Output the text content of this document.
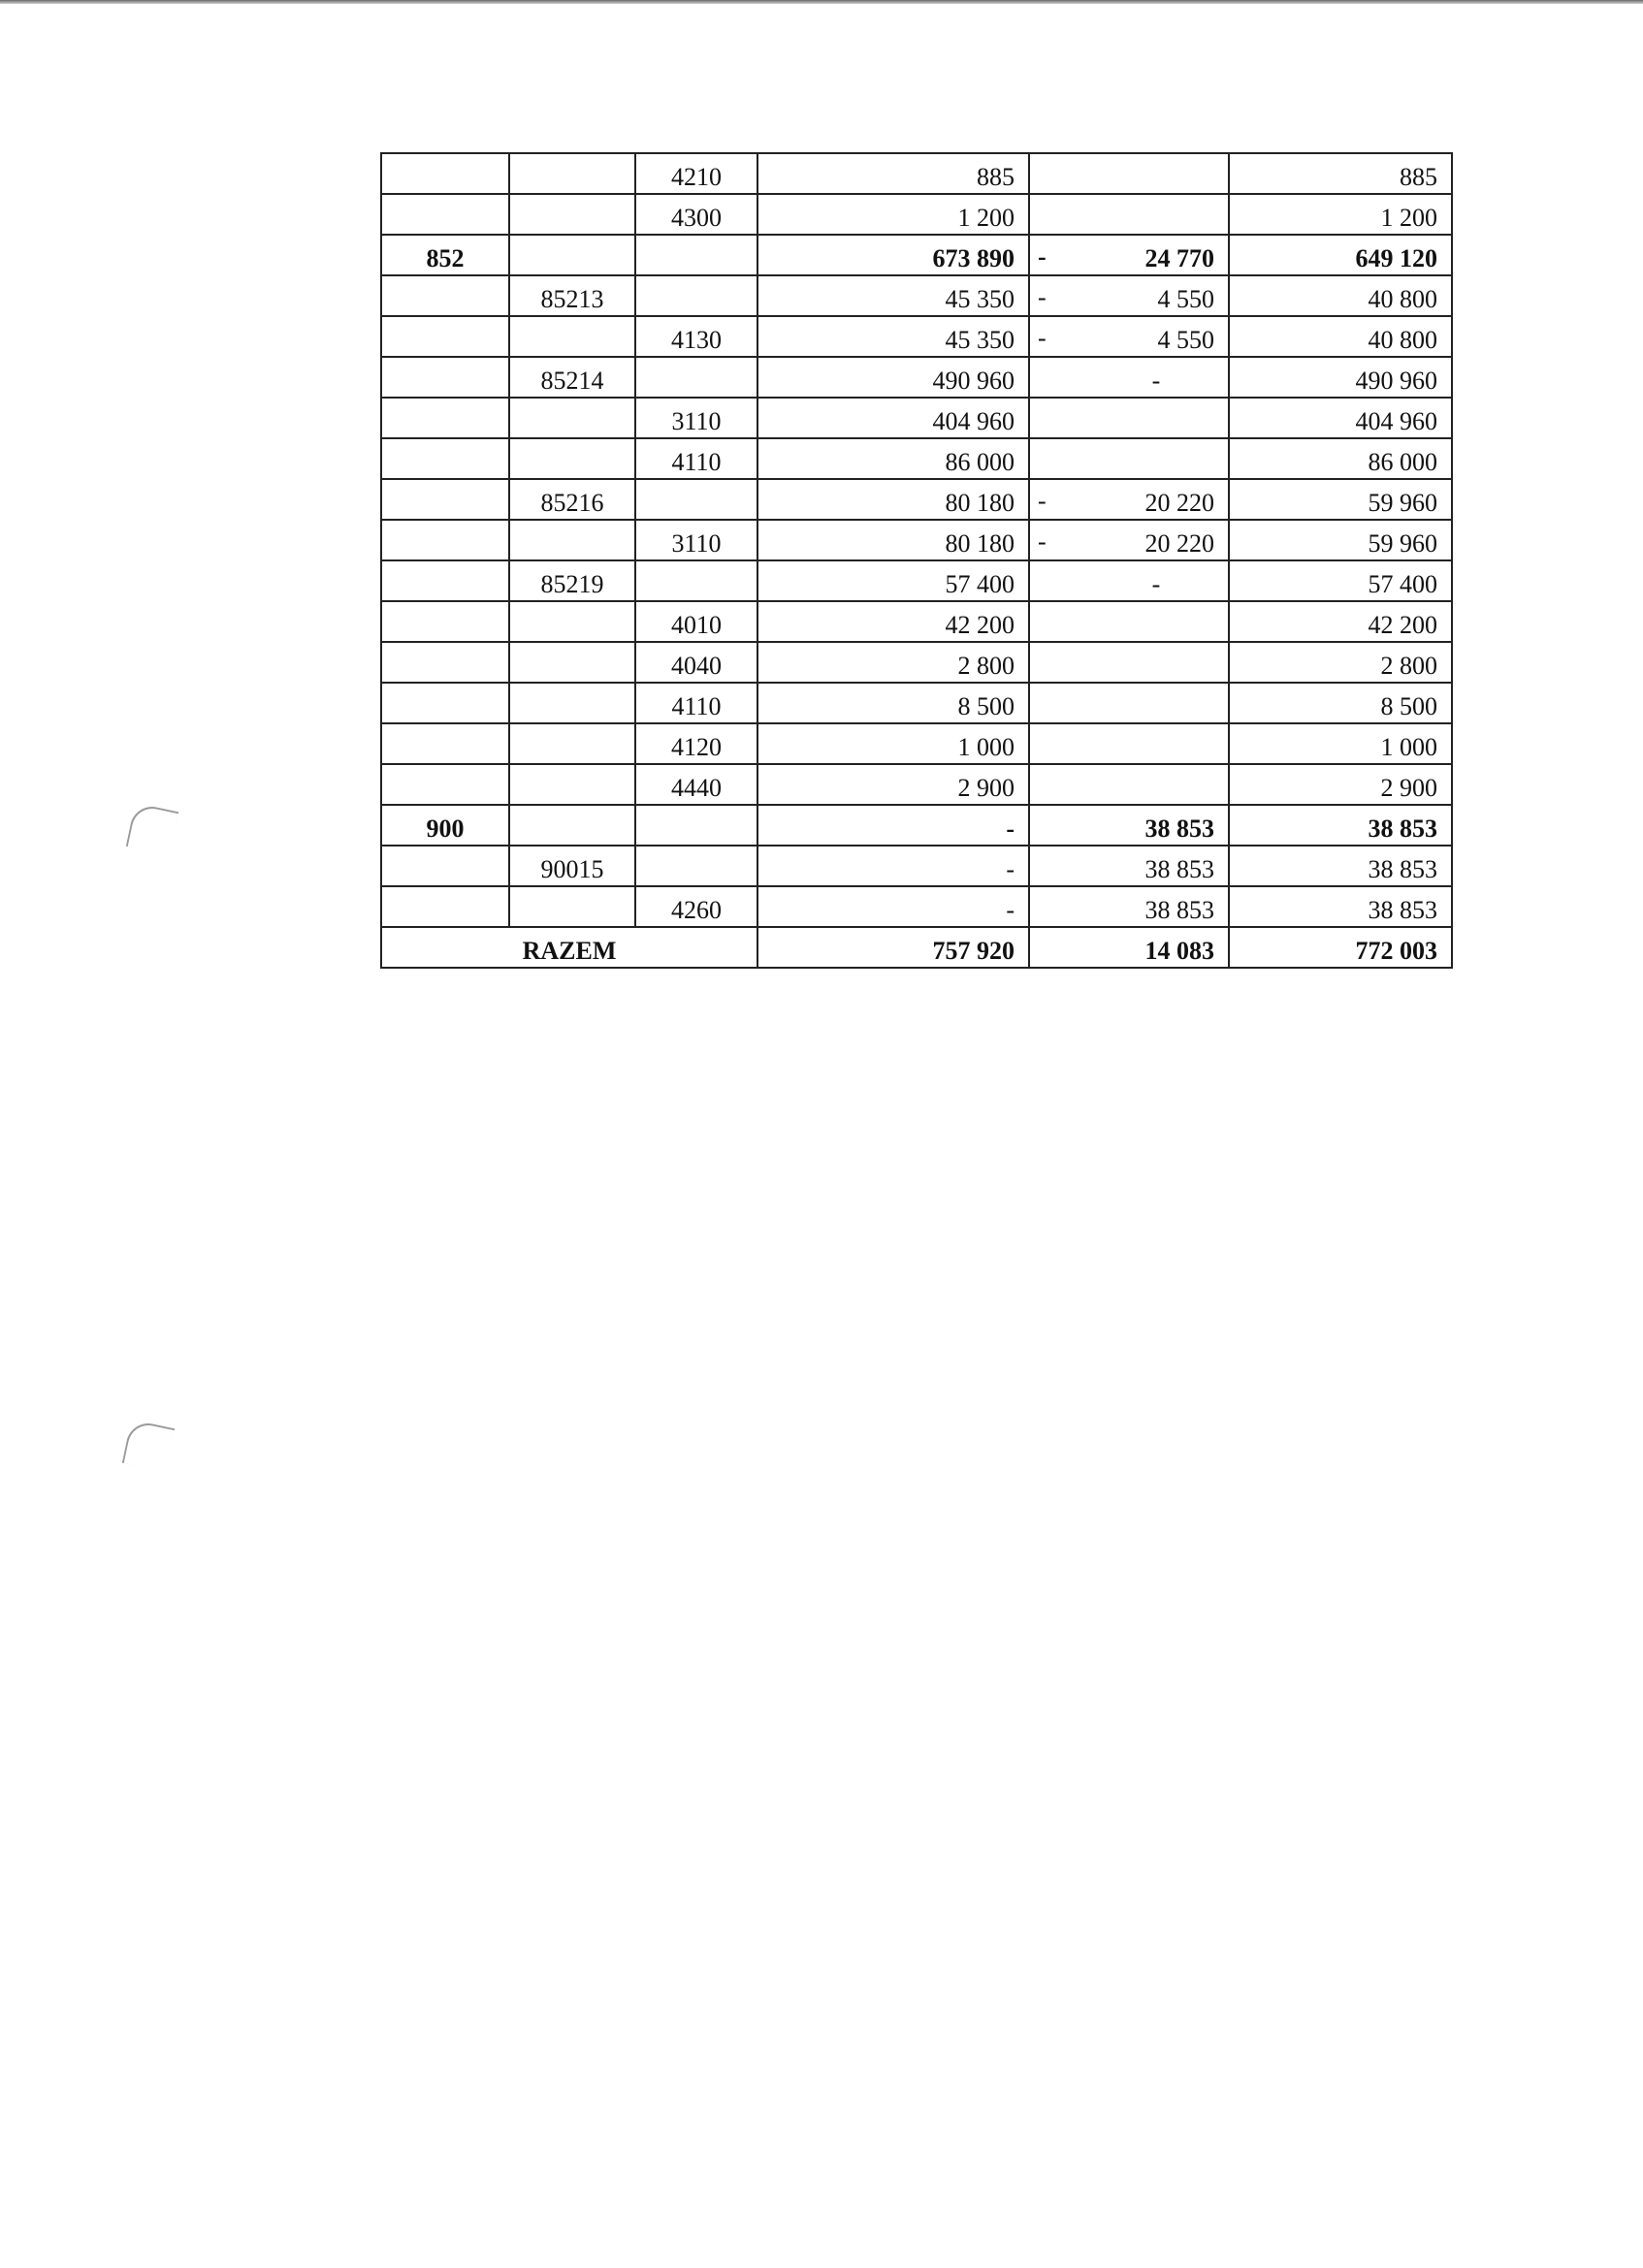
		4210	885		885
		4300	1 200		1 200
852			673 890	- 24 770	649 120
	85213		45 350	- 4 550	40 800
		4130	45 350	- 4 550	40 800
	85214		490 960	-	490 960
		3110	404 960		404 960
		4110	86 000		86 000
	85216		80 180	- 20 220	59 960
		3110	80 180	- 20 220	59 960
	85219		57 400	-	57 400
		4010	42 200		42 200
		4040	2 800		2 800
		4110	8 500		8 500
		4120	1 000		1 000
		4440	2 900		2 900
900			-	38 853	38 853
	90015		-	38 853	38 853
		4260	-	38 853	38 853
RAZEM			757 920	14 083	772 003
